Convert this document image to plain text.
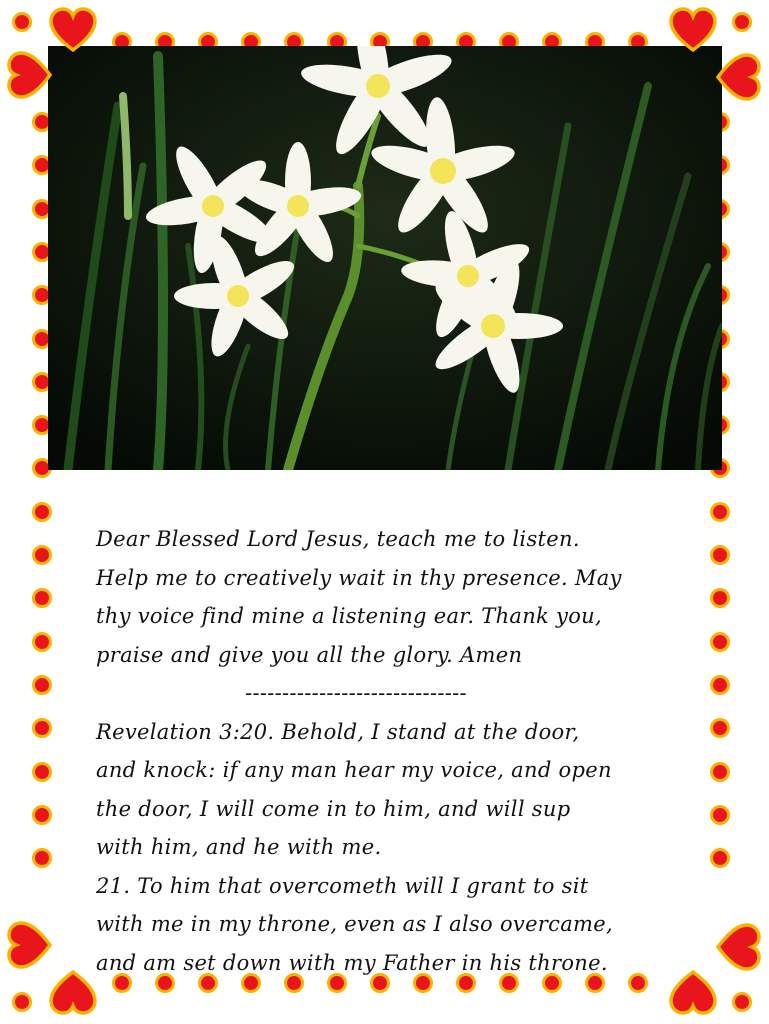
Dear Blessed Lord Jesus, teach me to listen.

Help me to creatively wait in thy presence. May

thy voice find mine a listening ear. Thank you,

praise and give you all the glory. Amen

------------------------------

Revelation 3:20. Behold, I stand at the door,

and knock: if any man hear my voice, and open

the door, I will come in to him, and will sup

with him, and he with me.

21. To him that overcometh will I grant to sit

with me in my throne, even as I also overcame,

and am set down with my Father in his throne.
